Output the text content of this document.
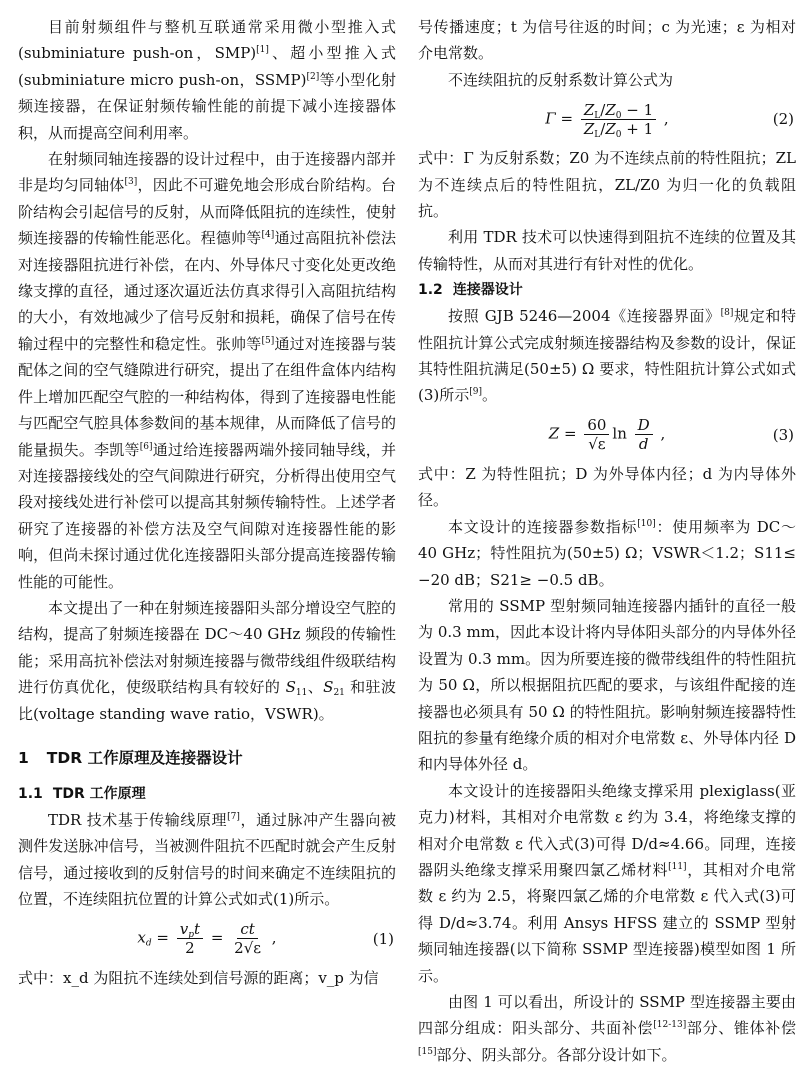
目前射频组件与整机互联通常采用微小型推入式(subminiature push-on，SMP)[1]、超小型推入式(subminiature micro push-on，SSMP)[2]等小型化射频连接器，在保证射频传输性能的前提下减小连接器体积，从而提高空间利用率。

在射频同轴连接器的设计过程中，由于连接器内部并非是均匀同轴体[3]，因此不可避免地会形成台阶结构。台阶结构会引起信号的反射，从而降低阻抗的连续性，使射频连接器的传输性能恶化。程德帅等[4]通过高阻抗补偿法对连接器阻抗进行补偿，在内、外导体尺寸变化处更改绝缘支撑的直径，通过逐次逼近法仿真求得引入高阻抗结构的大小，有效地减少了信号反射和损耗，确保了信号在传输过程中的完整性和稳定性。张帅等[5]通过对连接器与装配体之间的空气缝隙进行研究，提出了在组件盒体内结构件上增加匹配空气腔的一种结构体，得到了连接器电性能与匹配空气腔具体参数间的基本规律，从而降低了信号的能量损失。李凯等[6]通过给连接器两端外接同轴导线，并对连接器接线处的空气间隙进行研究，分析得出使用空气段对接线处进行补偿可以提高其射频传输特性。上述学者研究了连接器的补偿方法及空气间隙对连接器性能的影响，但尚未探讨通过优化连接器阳头部分提高连接器传输性能的可能性。

本文提出了一种在射频连接器阳头部分增设空气腔的结构，提高了射频连接器在 DC～40 GHz 频段的传输性能；采用高抗补偿法对射频连接器与微带线组件级联结构进行仿真优化，使级联结构具有较好的 $S_{11}$、$S_{21}$ 和驻波比(voltage standing wave ratio，VSWR)。

1 TDR 工作原理及连接器设计
1.1 TDR 工作原理

TDR 技术基于传输线原理[7]，通过脉冲产生器向被测件发送脉冲信号，当被测件阻抗不匹配时就会产生反射信号，通过接收到的反射信号的时间来确定不连续阻抗的位置，不连续阻抗位置的计算公式如式(1)所示。

$x_d = \frac{v_pt}{2} = \frac{ct}{2√\varepsilon}$ ,	(1)

式中：x_d 为阻抗不连续处到信号源的距离；v_p 为信

号传播速度；t 为信号往返的时间；c 为光速；ε 为相对介电常数。

不连续阻抗的反射系数计算公式为

$\Gamma = \frac{Z_L/Z_0 - 1}{Z_L/Z_0 + 1}$ ,	(2)

式中：Γ 为反射系数；Z0 为不连续点前的特性阻抗；ZL 为不连续点后的特性阻抗，ZL/Z0 为归一化的负载阻抗。

利用 TDR 技术可以快速得到阻抗不连续的位置及其传输特性，从而对其进行有针对性的优化。

1.2 连接器设计

按照 GJB 5246—2004《连接器界面》[8]规定和特性阻抗计算公式完成射频连接器结构及参数的设计，保证其特性阻抗满足(50±5) Ω 要求，特性阻抗计算公式如式(3)所示[9]。

$Z = \frac{60}{√\varepsilon}$ $\ln \frac{D}{d}$ ,	(3)

式中：Z 为特性阻抗；D 为外导体内径；d 为内导体外径。

本文设计的连接器参数指标[10]：使用频率为 DC～40 GHz；特性阻抗为(50±5) Ω；VSWR＜1.2；S11≤ −20 dB；S21≥ −0.5 dB。

常用的 SSMP 型射频同轴连接器内插针的直径一般为 0.3 mm，因此本设计将内导体阳头部分的内导体外径设置为 0.3 mm。因为所要连接的微带线组件的特性阻抗为 50 Ω，所以根据阻抗匹配的要求，与该组件配接的连接器也必须具有 50 Ω 的特性阻抗。影响射频连接器特性阻抗的参量有绝缘介质的相对介电常数 ε、外导体内径 D 和内导体外径 d。

本文设计的连接器阳头绝缘支撑采用 plexiglass(亚克力)材料，其相对介电常数 ε 约为 3.4，将绝缘支撑的相对介电常数 ε 代入式(3)可得 D/d≈4.66。同理，连接器阴头绝缘支撑采用聚四氯乙烯材料[11]，其相对介电常数 ε 约为 2.5，将聚四氯乙烯的介电常数 ε 代入式(3)可得 D/d≈3.74。利用 Ansys HFSS 建立的 SSMP 型射频同轴连接器(以下简称 SSMP 型连接器)模型如图 1 所示。

由图 1 可以看出，所设计的 SSMP 型连接器主要由四部分组成：阳头部分、共面补偿[12-13]部分、锥体补偿[15]部分、阴头部分。各部分设计如下。
